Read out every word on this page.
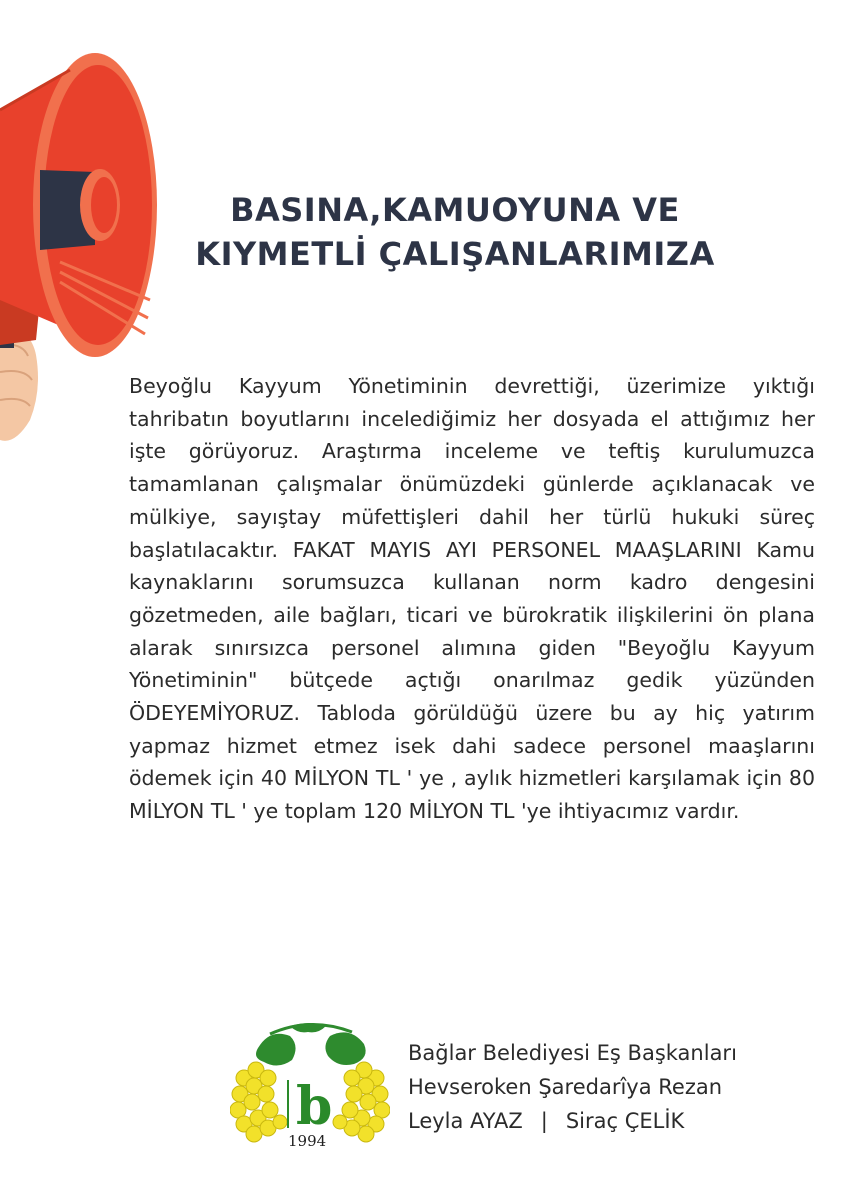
BASINA,KAMUOYUNA VE
KIYMETLİ ÇALIŞANLARIMIZA
Beyoğlu Kayyum Yönetiminin devrettiği, üzerimize yıktığı tahribatın boyutlarını incelediğimiz her dosyada el attığımız her işte görüyoruz. Araştırma inceleme ve teftiş kurulumuzca tamamlanan çalışmalar önümüzdeki günlerde açıklanacak ve mülkiye, sayıştay müfettişleri dahil her türlü hukuki süreç başlatılacaktır. FAKAT MAYIS AYI PERSONEL MAAŞLARINI Kamu kaynaklarını sorumsuzca kullanan norm kadro dengesini gözetmeden, aile bağları, ticari ve bürokratik ilişkilerini ön plana alarak sınırsızca personel alımına giden "Beyoğlu Kayyum Yönetiminin" bütçede açtığı onarılmaz gedik yüzünden ÖDEYEMİYORUZ. Tabloda görüldüğü üzere bu ay hiç yatırım yapmaz hizmet etmez isek dahi sadece personel maaşlarını ödemek için 40 MİLYON TL ' ye , aylık hizmetleri karşılamak için 80 MİLYON TL ' ye toplam 120 MİLYON TL 'ye ihtiyacımız vardır.
b
1994
Bağlar Belediyesi Eş Başkanları
Hevseroken Şaredarîya Rezan
Leyla AYAZ | Siraç ÇELİK
